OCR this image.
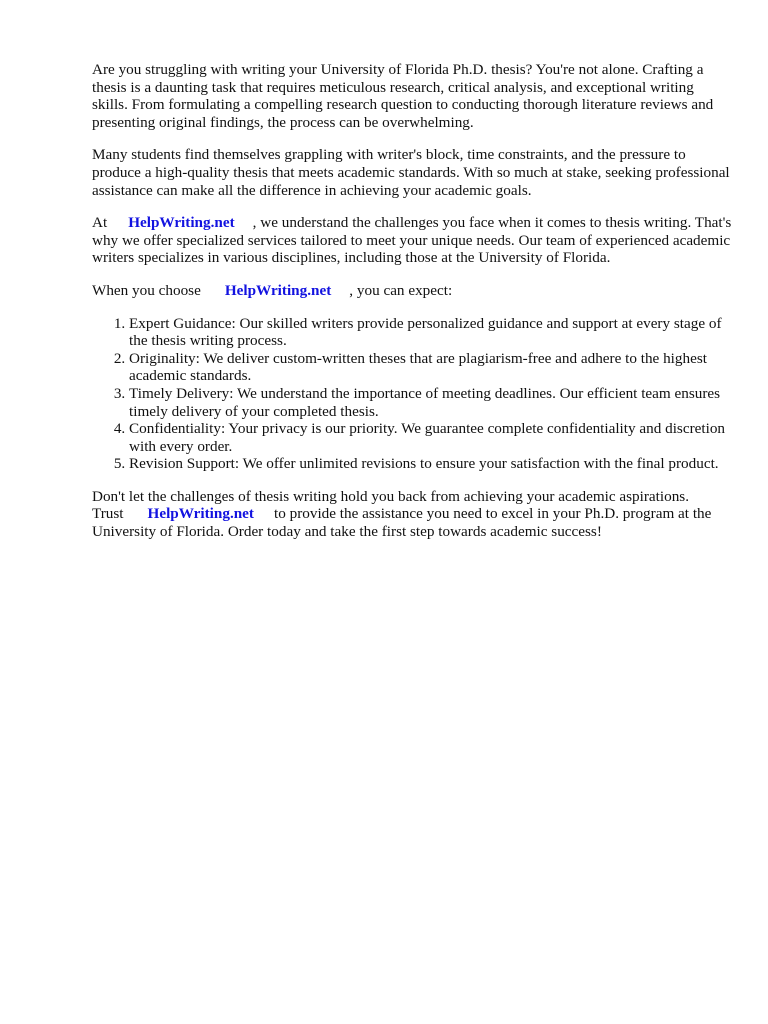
Are you struggling with writing your University of Florida Ph.D. thesis? You're not alone. Crafting a thesis is a daunting task that requires meticulous research, critical analysis, and exceptional writing skills. From formulating a compelling research question to conducting thorough literature reviews and presenting original findings, the process can be overwhelming.

Many students find themselves grappling with writer's block, time constraints, and the pressure to produce a high-quality thesis that meets academic standards. With so much at stake, seeking professional assistance can make all the difference in achieving your academic goals.

At HelpWriting.net , we understand the challenges you face when it comes to thesis writing. That's why we offer specialized services tailored to meet your unique needs. Our team of experienced academic writers specializes in various disciplines, including those at the University of Florida.

When you choose HelpWriting.net , you can expect:

1. Expert Guidance: Our skilled writers provide personalized guidance and support at every stage of the thesis writing process.
2. Originality: We deliver custom-written theses that are plagiarism-free and adhere to the highest academic standards.
3. Timely Delivery: We understand the importance of meeting deadlines. Our efficient team ensures timely delivery of your completed thesis.
4. Confidentiality: Your privacy is our priority. We guarantee complete confidentiality and discretion with every order.
5. Revision Support: We offer unlimited revisions to ensure your satisfaction with the final product.

Don't let the challenges of thesis writing hold you back from achieving your academic aspirations. Trust HelpWriting.net to provide the assistance you need to excel in your Ph.D. program at the University of Florida. Order today and take the first step towards academic success!
